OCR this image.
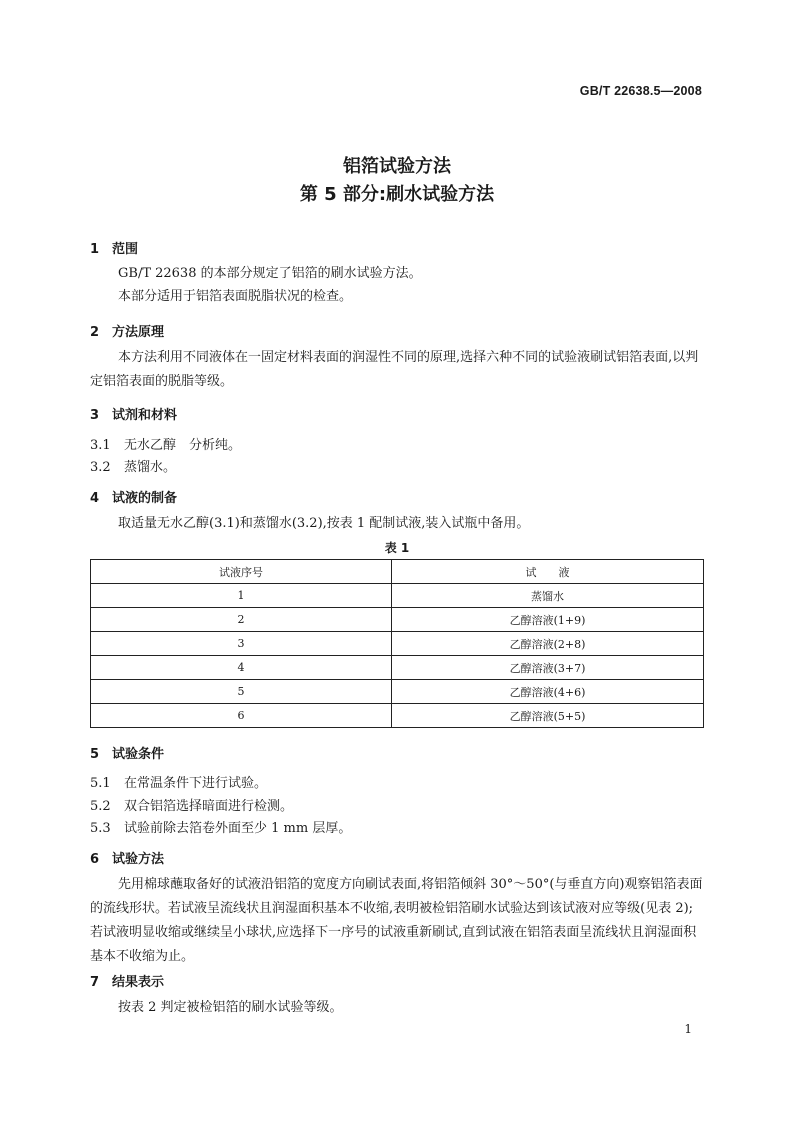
GB/T 22638.5—2008
铝箔试验方法
第 5 部分:刷水试验方法
1 范围
GB/T 22638 的本部分规定了铝箔的刷水试验方法。
本部分适用于铝箔表面脱脂状况的检查。
2 方法原理
本方法利用不同液体在一固定材料表面的润湿性不同的原理,选择六种不同的试验液刷试铝箔表面,以判定铝箔表面的脱脂等级。
3 试剂和材料
3.1 无水乙醇　分析纯。
3.2 蒸馏水。
4 试液的制备
取适量无水乙醇(3.1)和蒸馏水(3.2),按表 1 配制试液,装入试瓶中备用。
表 1
试液序号	试　　液
1	蒸馏水
2	乙醇溶液(1+9)
3	乙醇溶液(2+8)
4	乙醇溶液(3+7)
5	乙醇溶液(4+6)
6	乙醇溶液(5+5)
5 试验条件
5.1 在常温条件下进行试验。
5.2 双合铝箔选择暗面进行检测。
5.3 试验前除去箔卷外面至少 1 mm 层厚。
6 试验方法
先用棉球蘸取备好的试液沿铝箔的宽度方向刷试表面,将铝箔倾斜 30°～50°(与垂直方向)观察铝箔表面的流线形状。若试液呈流线状且润湿面积基本不收缩,表明被检铝箔刷水试验达到该试液对应等级(见表 2);若试液明显收缩或继续呈小球状,应选择下一序号的试液重新刷试,直到试液在铝箔表面呈流线状且润湿面积基本不收缩为止。
7 结果表示
按表 2 判定被检铝箔的刷水试验等级。
1
